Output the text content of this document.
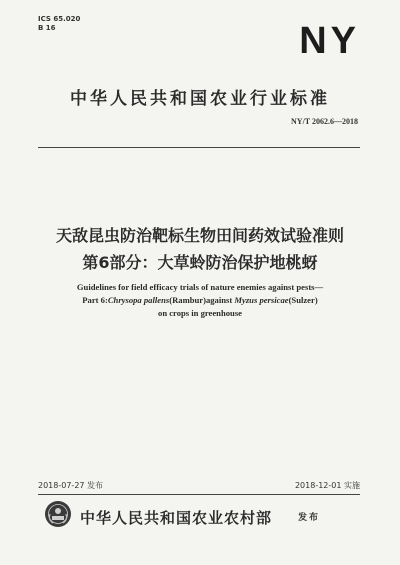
ICS 65.020
B 16	NY
中华人民共和国农业行业标准
NY/T 2062.6—2018
天敌昆虫防治靶标生物田间药效试验准则
第6部分：大草蛉防治保护地桃蚜
Guidelines for field efficacy trials of nature enemies against pests—
Part 6:Chrysopa pallens(Rambur)against Myzus persicae(Sulzer)
on crops in greenhouse
2018-07-27 发布	2018-12-01 实施
中华人民共和国农业农村部	发布
